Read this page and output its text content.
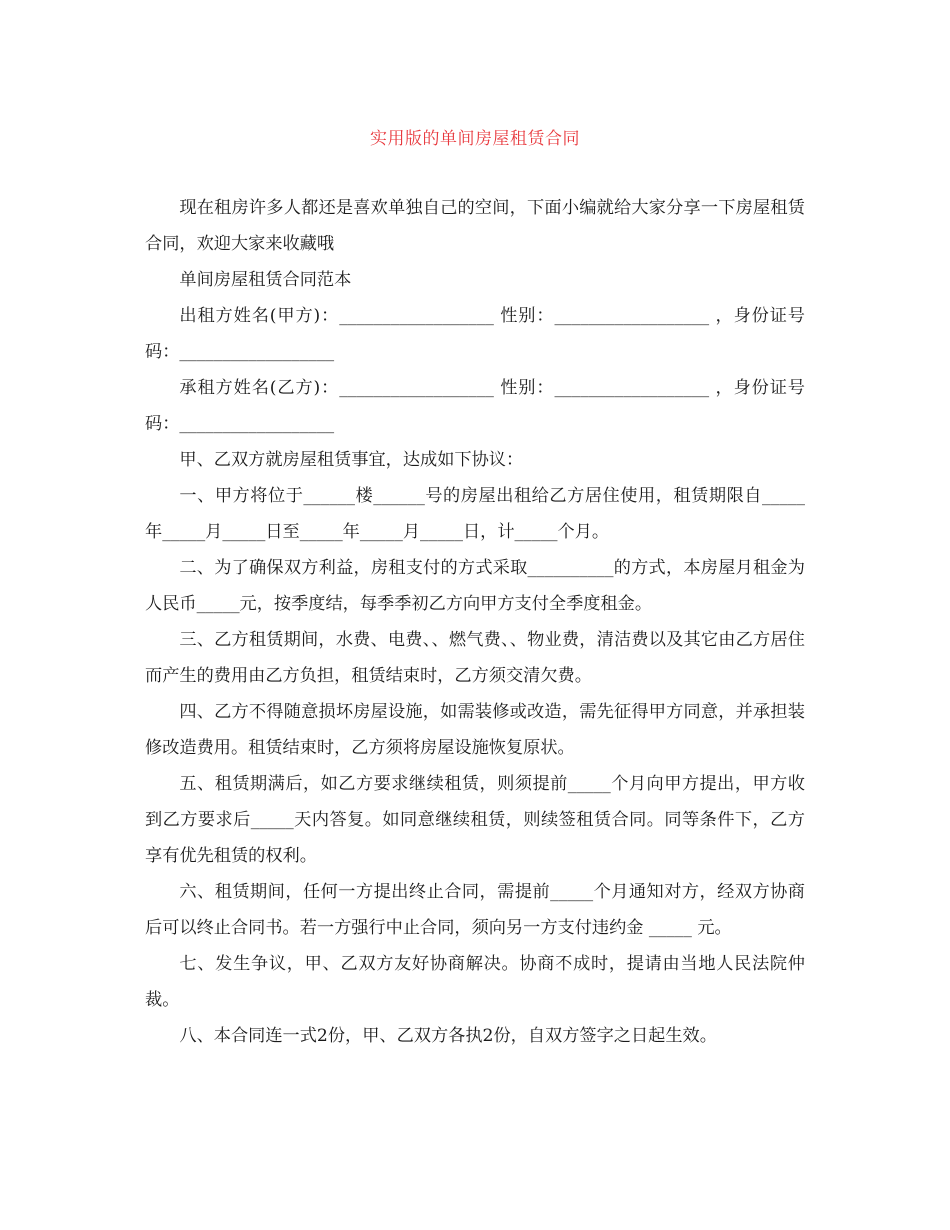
实用版的单间房屋租赁合同

现在租房许多人都还是喜欢单独自己的空间，下面小编就给大家分享一下房屋租赁合同，欢迎大家来收藏哦

单间房屋租赁合同范本

出租方姓名(甲方)：__________________ 性别：__________________ ，身份证号码：__________________

承租方姓名(乙方)：__________________ 性别：__________________ ，身份证号码：__________________

甲、乙双方就房屋租赁事宜，达成如下协议：

一、甲方将位于______楼______号的房屋出租给乙方居住使用，租赁期限自_____年_____月_____日至_____年_____月_____日，计_____个月。

二、为了确保双方利益，房租支付的方式采取__________的方式，本房屋月租金为人民币_____元，按季度结，每季季初乙方向甲方支付全季度租金。

三、乙方租赁期间，水费、电费、、燃气费、、物业费，清洁费以及其它由乙方居住而产生的费用由乙方负担，租赁结束时，乙方须交清欠费。

四、乙方不得随意损坏房屋设施，如需装修或改造，需先征得甲方同意，并承担装修改造费用。租赁结束时，乙方须将房屋设施恢复原状。

五、租赁期满后，如乙方要求继续租赁，则须提前_____个月向甲方提出，甲方收到乙方要求后_____天内答复。如同意继续租赁，则续签租赁合同。同等条件下，乙方享有优先租赁的权利。

六、租赁期间，任何一方提出终止合同，需提前_____个月通知对方，经双方协商后可以终止合同书。若一方强行中止合同，须向另一方支付违约金 _____ 元。

七、发生争议，甲、乙双方友好协商解决。协商不成时，提请由当地人民法院仲裁。

八、本合同连一式2份，甲、乙双方各执2份，自双方签字之日起生效。
